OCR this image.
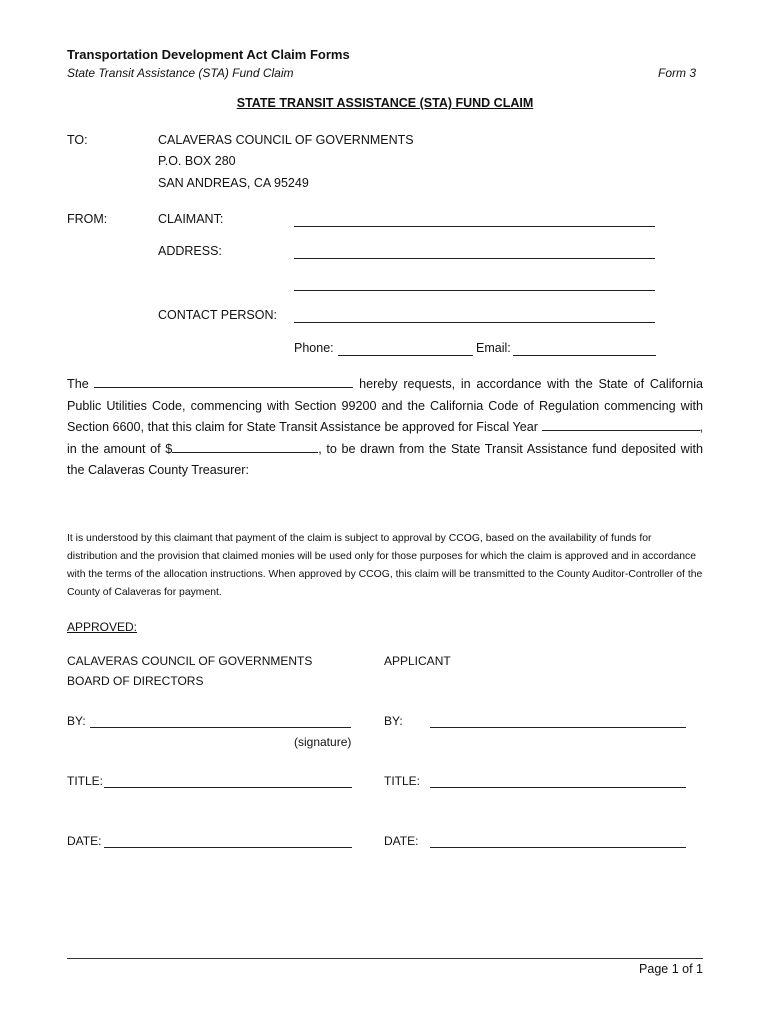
Transportation Development Act Claim Forms
State Transit Assistance (STA) Fund Claim	Form 3
STATE TRANSIT ASSISTANCE (STA) FUND CLAIM
TO:	CALAVERAS COUNCIL OF GOVERNMENTS
P.O. BOX 280
SAN ANDREAS, CA 95249
FROM:	CLAIMANT:
ADDRESS:
CONTACT PERSON:
Phone:	Email:
The	hereby requests, in accordance with the State of California Public Utilities Code, commencing with Section 99200 and the California Code of Regulation commencing with Section 6600, that this claim for State Transit Assistance be approved for Fiscal Year	, in the amount of $	, to be drawn from the State Transit Assistance fund deposited with the Calaveras County Treasurer:
It is understood by this claimant that payment of the claim is subject to approval by CCOG, based on the availability of funds for distribution and the provision that claimed monies will be used only for those purposes for which the claim is approved and in accordance with the terms of the allocation instructions. When approved by CCOG, this claim will be transmitted to the County Auditor-Controller of the County of Calaveras for payment.
APPROVED:
CALAVERAS COUNCIL OF GOVERNMENTS
BOARD OF DIRECTORS
APPLICANT
BY:
(signature)
BY:
TITLE:	TITLE:
DATE:	DATE:
Page 1 of 1
